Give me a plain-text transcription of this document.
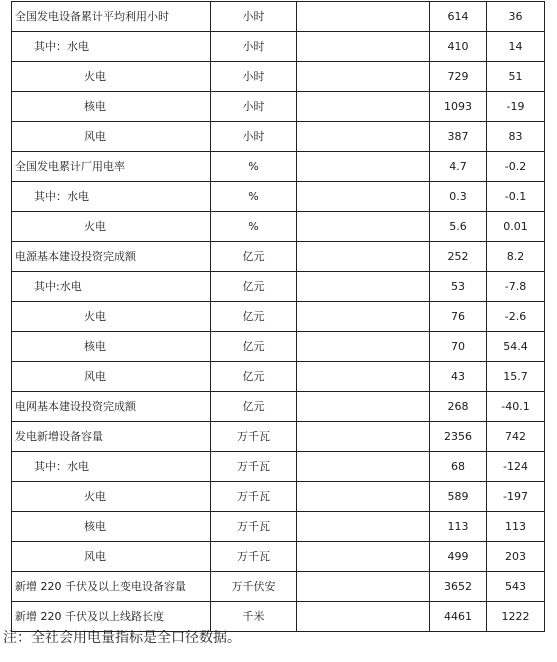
全国发电设备累计平均利用小时	小时		614	36
其中：水电	小时		410	14
火电	小时		729	51
核电	小时		1093	-19
风电	小时		387	83
全国发电累计厂用电率	%		4.7	-0.2
其中：水电	%		0.3	-0.1
火电	%		5.6	0.01
电源基本建设投资完成额	亿元		252	8.2
其中:水电	亿元		53	-7.8
火电	亿元		76	-2.6
核电	亿元		70	54.4
风电	亿元		43	15.7
电网基本建设投资完成额	亿元		268	-40.1
发电新增设备容量	万千瓦		2356	742
其中：水电	万千瓦		68	-124
火电	万千瓦		589	-197
核电	万千瓦		113	113
风电	万千瓦		499	203
新增 220 千伏及以上变电设备容量	万千伏安		3652	543
新增 220 千伏及以上线路长度	千米		4461	1222
注：全社会用电量指标是全口径数据。
